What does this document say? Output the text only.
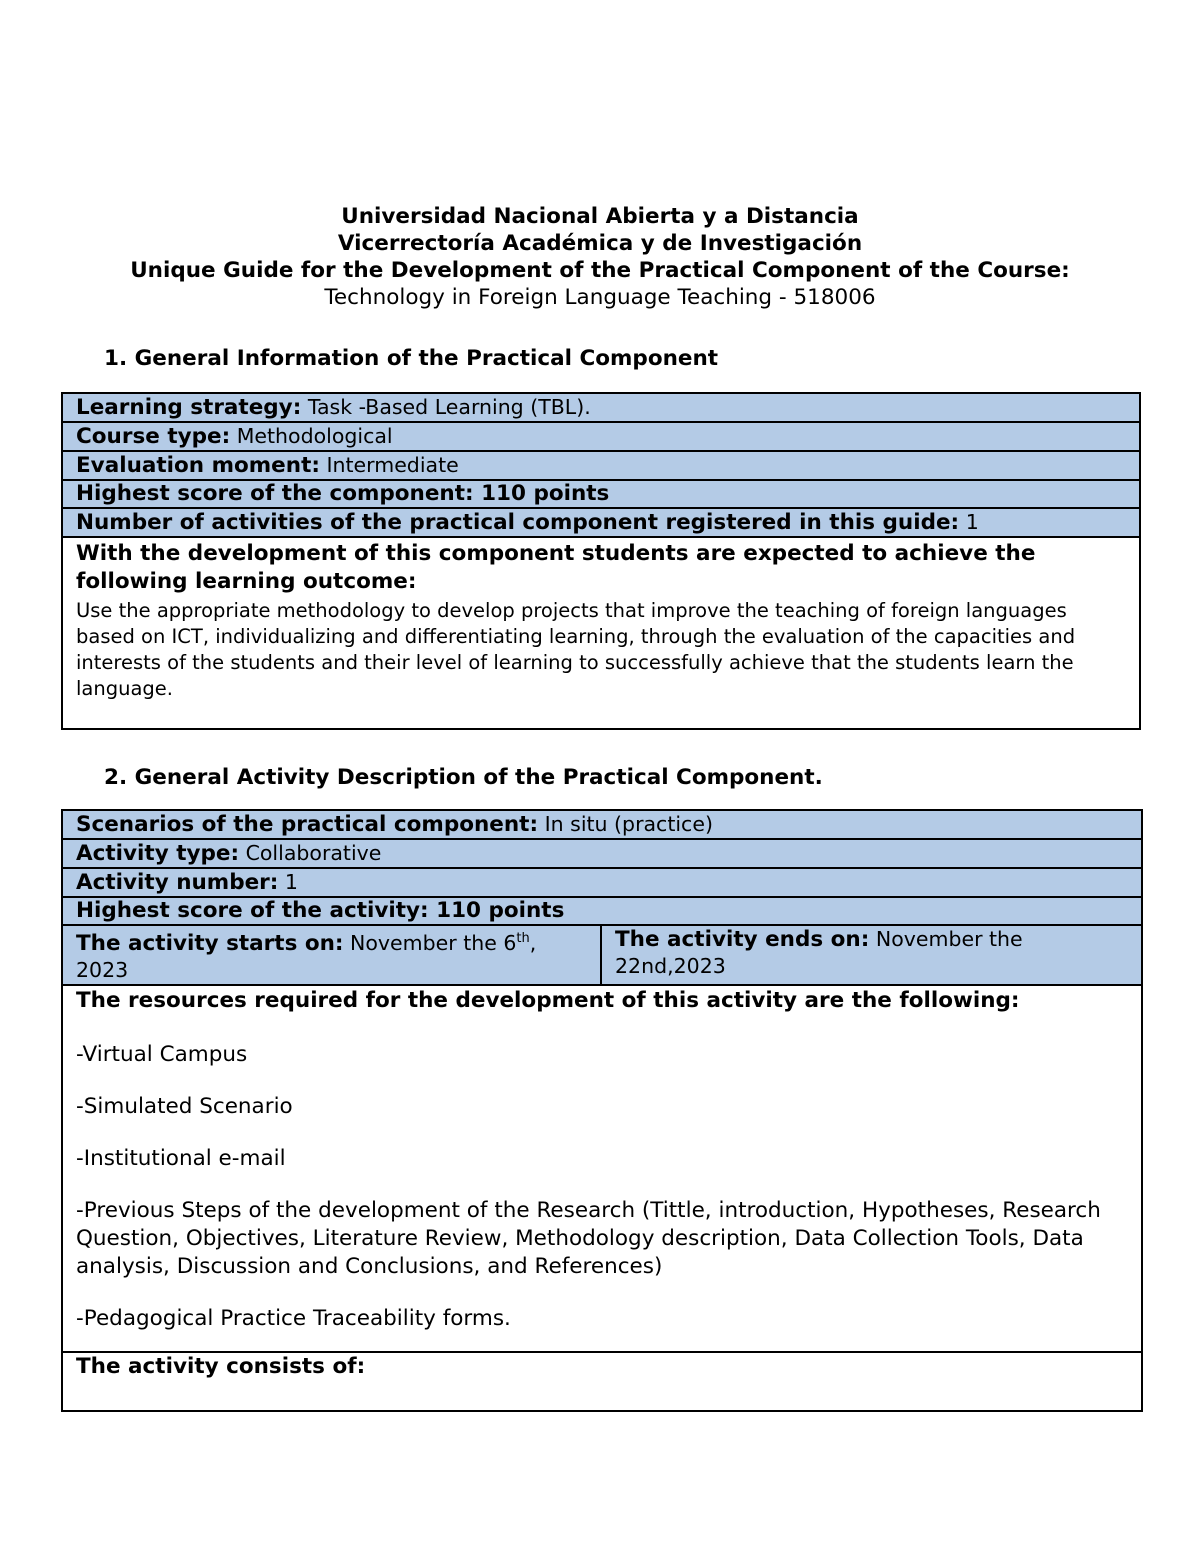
Universidad Nacional Abierta y a Distancia
Vicerrectoría Académica y de Investigación
Unique Guide for the Development of the Practical Component of the Course:
Technology in Foreign Language Teaching - 518006
1. General Information of the Practical Component
Learning strategy: Task -Based Learning (TBL).
Course type: Methodological
Evaluation moment: Intermediate
Highest score of the component: 110 points
Number of activities of the practical component registered in this guide: 1

With the development of this component students are expected to achieve the following learning outcome:
Use the appropriate methodology to develop projects that improve the teaching of foreign languages based on ICT, individualizing and differentiating learning, through the evaluation of the capacities and interests of the students and their level of learning to successfully achieve that the students learn the language.
2. General Activity Description of the Practical Component.
Scenarios of the practical component: In situ (practice)
Activity type: Collaborative
Activity number: 1
Highest score of the activity: 110 points
The activity starts on: November the 6th, 2023	The activity ends on: November the 22nd,2023

The resources required for the development of this activity are the following:

-Virtual Campus

-Simulated Scenario

-Institutional e-mail

-Previous Steps of the development of the Research (Tittle, introduction, Hypotheses, Research Question, Objectives, Literature Review, Methodology description, Data Collection Tools, Data analysis, Discussion and Conclusions, and References)

-Pedagogical Practice Traceability forms.

The activity consists of:
